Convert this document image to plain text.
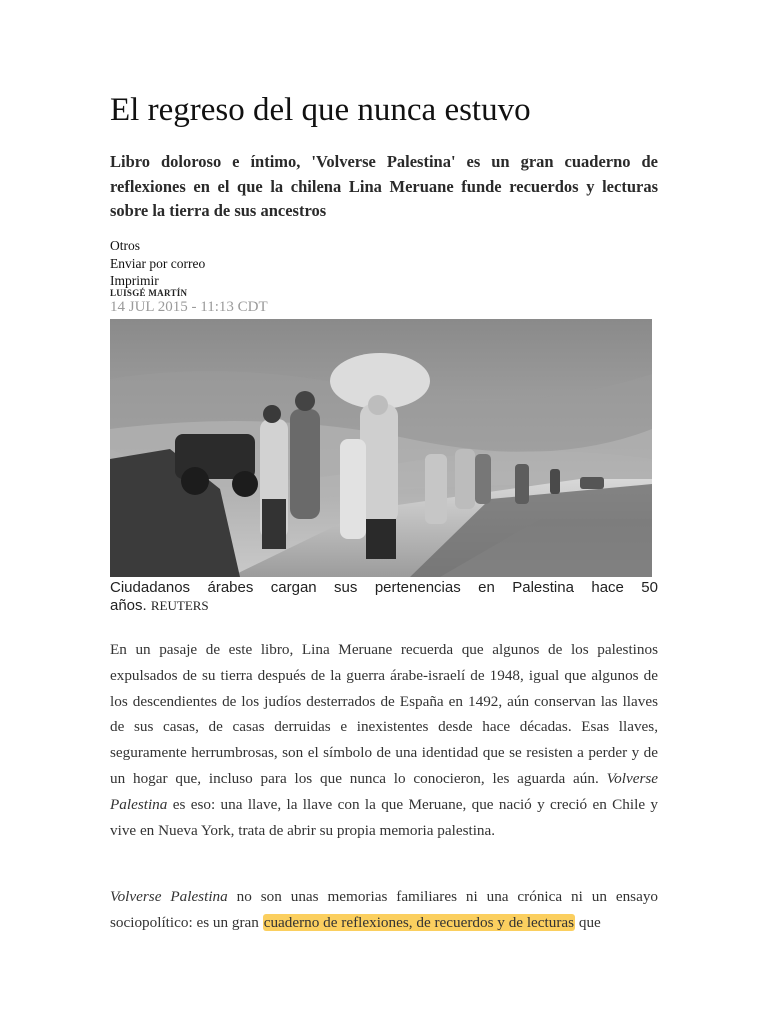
El regreso del que nunca estuvo

Libro doloroso e íntimo, 'Volverse Palestina' es un gran cuaderno de reflexiones en el que la chilena Lina Meruane funde recuerdos y lecturas sobre la tierra de sus ancestros

Otros
Enviar por correo
Imprimir
LUISGÉ MARTÍN
14 JUL 2015 - 11:13 CDT
Ciudadanos árabes cargan sus pertenencias en Palestina hace 50
años. REUTERS

En un pasaje de este libro, Lina Meruane recuerda que algunos de los palestinos expulsados de su tierra después de la guerra árabe-israelí de 1948, igual que algunos de los descendientes de los judíos desterrados de España en 1492, aún conservan las llaves de sus casas, de casas derruidas e inexistentes desde hace décadas. Esas llaves, seguramente herrumbrosas, son el símbolo de una identidad que se resisten a perder y de un hogar que, incluso para los que nunca lo conocieron, les aguarda aún. Volverse Palestina es eso: una llave, la llave con la que Meruane, que nació y creció en Chile y vive en Nueva York, trata de abrir su propia memoria palestina.

Volverse Palestina no son unas memorias familiares ni una crónica ni un ensayo sociopolítico: es un gran cuaderno de reflexiones, de recuerdos y de lecturas que
